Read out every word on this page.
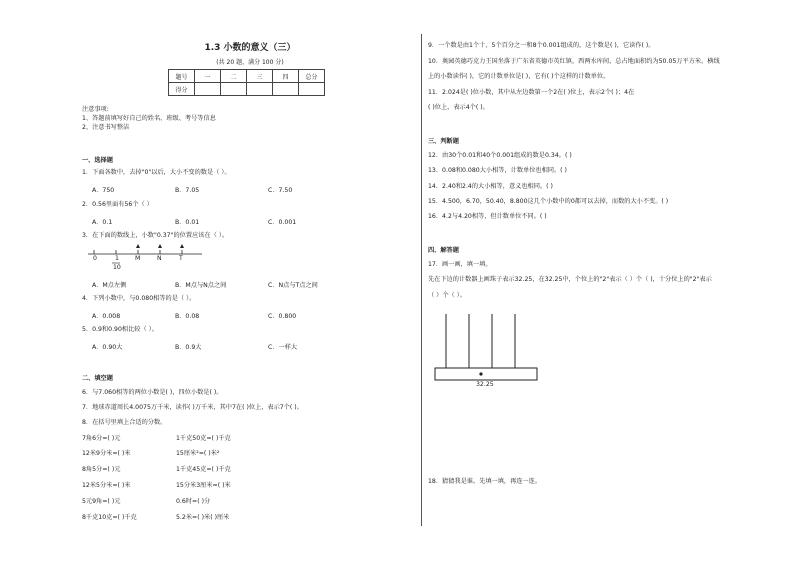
1.3 小数的意义（三）
(共 20 题，满分 100 分)
题号	一	二	三	四	总分
得分					
注意事项:
1、答题前填写好自己的姓名、班级、考号等信息
2、注意书写整洁
一、选择题
1．下面各数中，去掉"0"以后，大小不变的数是（ ）。
A．750	B．7.05	C．7.50
2．0.56里面有56个（ ）
A．0.1	B．0.01	C．0.001
3．在下面的数线上，小数"0.37"的位置应该在（ ）。
0	1
10
M	N	T
A．M点左侧	B．M点与N点之间	C．N点与T点之间
4．下列小数中，与0.080相等的是（ ）。
A．0.008	B．0.08	C．0.800
5．0.9和0.90相比较（ ）。
A．0.90大	B．0.9大	C．一样大
二、填空题
6．与7.060相等的两位小数是( )，四位小数是( )。
7．地球赤道周长4.0075万千米，读作( )万千米，其中7在( )位上，表示7个( )。
8．在括号里填上合适的分数。
7角6分=( )元	1千克50克=( )千克
12米9分米=( )米	15厘米²=( )米²
8角5分=( )元	1千克45克=( )千克
12米5分米=( )米	15分米3厘米=( )米
5元9角=( )元	0.6时=( )分
8千克10克=( )千克	5.2米=( )米( )厘米
9．一个数是由1个十、5个百分之一和8个0.001组成的，这个数是( )，它读作( )。
10．奥园英德巧克力王国坐落于广东省英德市英红镇，西两水库间，总占地面积约为50.05万平方米。横线
上的小数读作( )，它的计数单位是( )，它有( )个这样的计数单位。
11．2.024是( )位小数，其中从左边数第一个2在( )位上，表示2个( )；4在
( )位上，表示4个( )。
三、判断题
12．由30个0.01和40个0.001组成的数是0.34。( )
13．0.08和0.080大小相等，计数单位也相同。( )
14．2.40和2.4的大小相等，意义也相同。( )
15．4.500，6.70，50.40，8.800这几个小数中的0都可以去掉，而数的大小不变。( )
16．4.2与4.20相等，但计数单位不同。( )
四、解答题
17．画一画，填一填。
先在下边的计数器上画珠子表示32.25，在32.25中，个位上的"2"表示（ ）个（ )，十分位上的"2"表示
（ ）个（ ）。
32.25
18．猜猜我是谁。先填一填，再连一连。
